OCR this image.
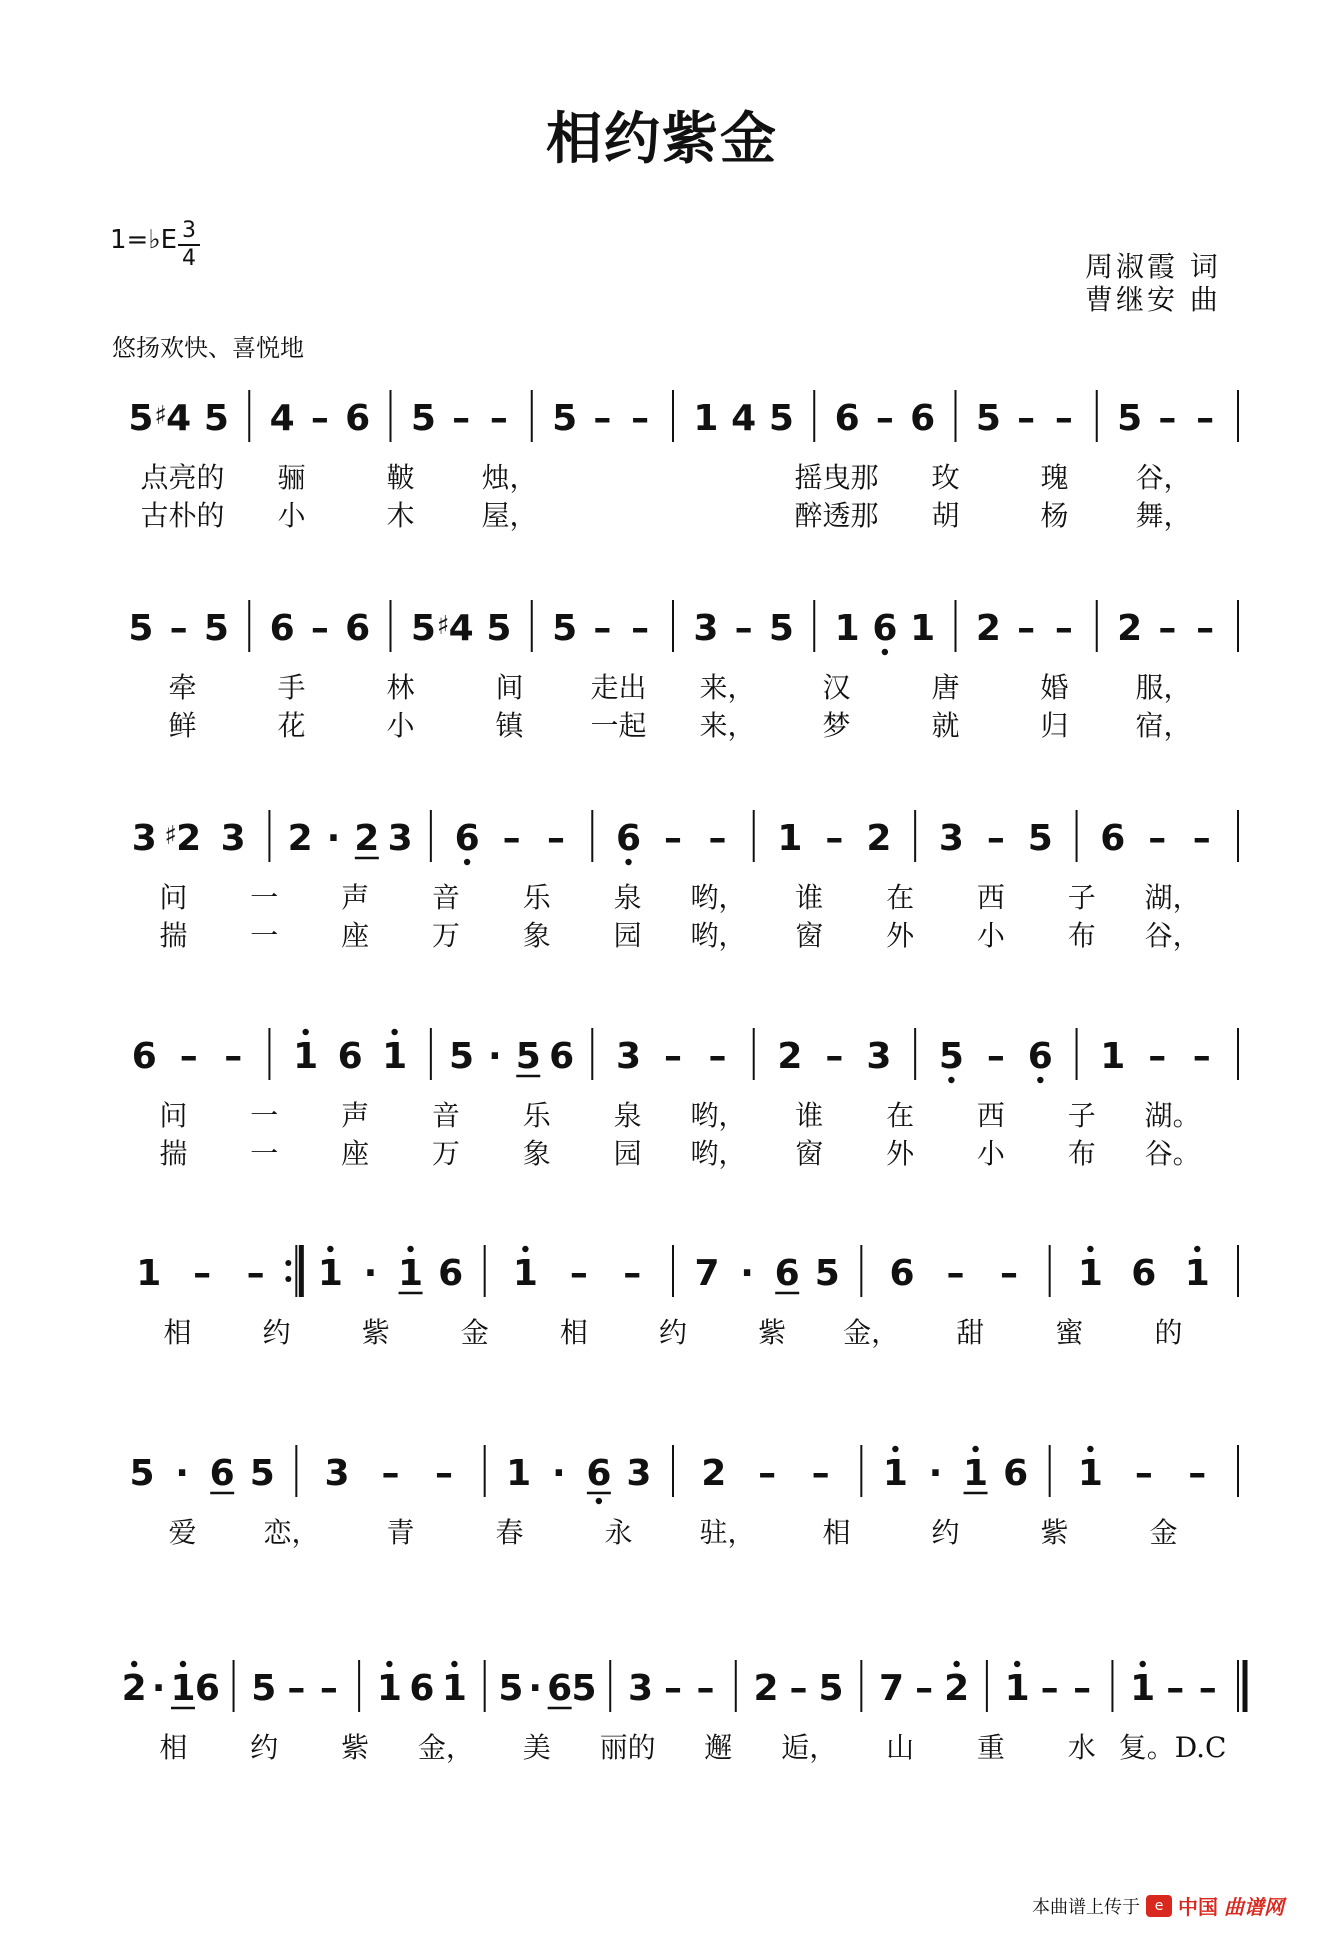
相约紫金
1=♭E 3
4	周淑霞 词
曹继安 曲
悠扬欢快、喜悦地
5 4
♯ 5 4 – 6 5 – – 5 – – 1 4 5 6 – 6 5 – – 5 – –
点亮的 骊	鞁 烛，	摇曳那 玫	瑰 谷，
古朴的 小	木 屋，	醉透那 胡	杨 舞，
5 – 5 6 – 6 5 4
♯ 5 5 – – 3 – 5 1 6 1 2 – – 2 – –
牵	手	林	间 走出 来， 汉	唐	婚 服，
鲜	花	小	镇 一起 来， 梦	就	归 宿，
3 2
♯ 3 2 · 2 3 6 – – 6 – – 1 – 2 3 – 5 6 – –
问 一 声 音 乐 泉 哟， 谁 在 西 子 湖，
揣 一 座 万 象 园 哟， 窗 外 小 布 谷，
6 – – 1 6 1 5 · 5 6 3 – – 2 – 3 5 – 6 1 – –
问 一 声 音 乐 泉 哟， 谁 在 西 子 湖。
揣 一 座 万 象 园 哟， 窗 外 小 布 谷。
1 – – 1 · 1 6 1 – – 7 · 6 5 6 – – 1 6 1
相	约	紫	金	相	约	紫 金， 甜	蜜	的
5 · 6 5 3 – – 1 · 6 3 2 – – 1 · 1 6 1 – –
爱 恋， 青	春	永 驻， 相	约	紫	金
2 · 1 6 5 – – 1 6 1 5 · 6 5 3 – – 2 – 5 7 – 2 1 – – 1 – –
相 约 紫 金， 美 丽的 邂 逅， 山 重 水 复。D.C
本曲谱上传于	e 中国 曲谱网
